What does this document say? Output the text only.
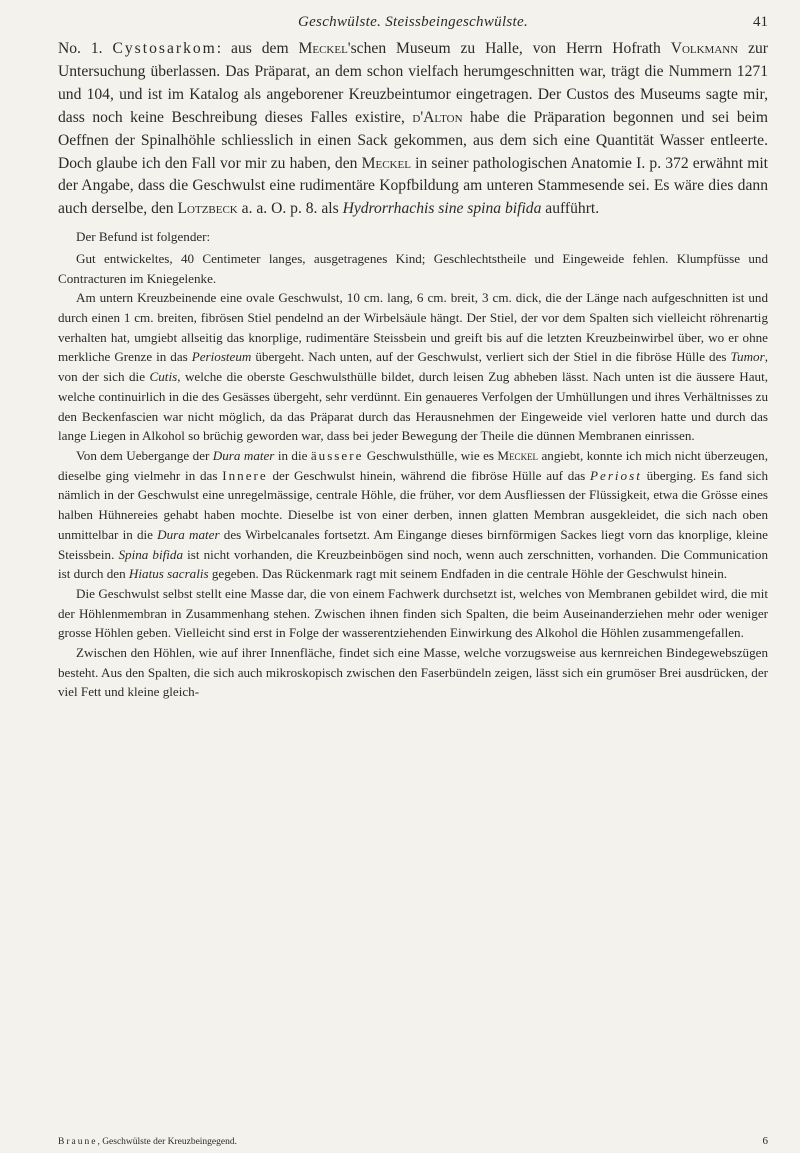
Geschwülste. Steissbeingeschwülste.	41

No. 1. Cystosarkom: aus dem Meckel'schen Museum zu Halle, von Herrn Hofrath Volkmann zur Untersuchung überlassen. Das Präparat, an dem schon vielfach herumgeschnitten war, trägt die Nummern 1271 und 104, und ist im Katalog als angeborener Kreuzbeintumor eingetragen. Der Custos des Museums sagte mir, dass noch keine Beschreibung dieses Falles existire, d'Alton habe die Präparation begonnen und sei beim Oeffnen der Spinalhöhle schliesslich in einen Sack gekommen, aus dem sich eine Quantität Wasser entleerte. Doch glaube ich den Fall vor mir zu haben, den Meckel in seiner pathologischen Anatomie I. p. 372 erwähnt mit der Angabe, dass die Geschwulst eine rudimentäre Kopfbildung am unteren Stammesende sei. Es wäre dies dann auch derselbe, den Lotzbeck a. a. O. p. 8. als Hydrorrhachis sine spina bifida aufführt.

Der Befund ist folgender:

Gut entwickeltes, 40 Centimeter langes, ausgetragenes Kind; Geschlechtstheile und Eingeweide fehlen. Klumpfüsse und Contracturen im Kniegelenke.

Am untern Kreuzbeinende eine ovale Geschwulst, 10 cm. lang, 6 cm. breit, 3 cm. dick, die der Länge nach aufgeschnitten ist und durch einen 1 cm. breiten, fibrösen Stiel pendelnd an der Wirbelsäule hängt. Der Stiel, der vor dem Spalten sich vielleicht röhrenartig verhalten hat, umgiebt allseitig das knorplige, rudimentäre Steissbein und greift bis auf die letzten Kreuzbeinwirbel über, wo er ohne merkliche Grenze in das Periosteum übergeht. Nach unten, auf der Geschwulst, verliert sich der Stiel in die fibröse Hülle des Tumor, von der sich die Cutis, welche die oberste Geschwulsthülle bildet, durch leisen Zug abheben lässt. Nach unten ist die äussere Haut, welche continuirlich in die des Gesässes übergeht, sehr verdünnt. Ein genaueres Verfolgen der Umhüllungen und ihres Verhältnisses zu den Beckenfascien war nicht möglich, da das Präparat durch das Herausnehmen der Eingeweide viel verloren hatte und durch das lange Liegen in Alkohol so brüchig geworden war, dass bei jeder Bewegung der Theile die dünnen Membranen einrissen.

Von dem Uebergange der Dura mater in die äussere Geschwulsthülle, wie es Meckel angiebt, konnte ich mich nicht überzeugen, dieselbe ging vielmehr in das Innere der Geschwulst hinein, während die fibröse Hülle auf das Periost überging. Es fand sich nämlich in der Geschwulst eine unregelmässige, centrale Höhle, die früher, vor dem Ausfliessen der Flüssigkeit, etwa die Grösse eines halben Hühnereies gehabt haben mochte. Dieselbe ist von einer derben, innen glatten Membran ausgekleidet, die sich nach oben unmittelbar in die Dura mater des Wirbelcanales fortsetzt. Am Eingange dieses birnförmigen Sackes liegt vorn das knorplige, kleine Steissbein. Spina bifida ist nicht vorhanden, die Kreuzbeinbögen sind noch, wenn auch zerschnitten, vorhanden. Die Communication ist durch den Hiatus sacralis gegeben. Das Rückenmark ragt mit seinem Endfaden in die centrale Höhle der Geschwulst hinein.

Die Geschwulst selbst stellt eine Masse dar, die von einem Fachwerk durchsetzt ist, welches von Membranen gebildet wird, die mit der Höhlenmembran in Zusammenhang stehen. Zwischen ihnen finden sich Spalten, die beim Auseinanderziehen mehr oder weniger grosse Höhlen geben. Vielleicht sind erst in Folge der wasserentziehenden Einwirkung des Alkohol die Höhlen zusammengefallen.

Zwischen den Höhlen, wie auf ihrer Innenfläche, findet sich eine Masse, welche vorzugsweise aus kernreichen Bindegewebszügen besteht. Aus den Spalten, die sich auch mikroskopisch zwischen den Faserbündeln zeigen, lässt sich ein grumöser Brei ausdrücken, der viel Fett und kleine gleich-

Braune, Geschwülste der Kreuzbeingegend.	6
